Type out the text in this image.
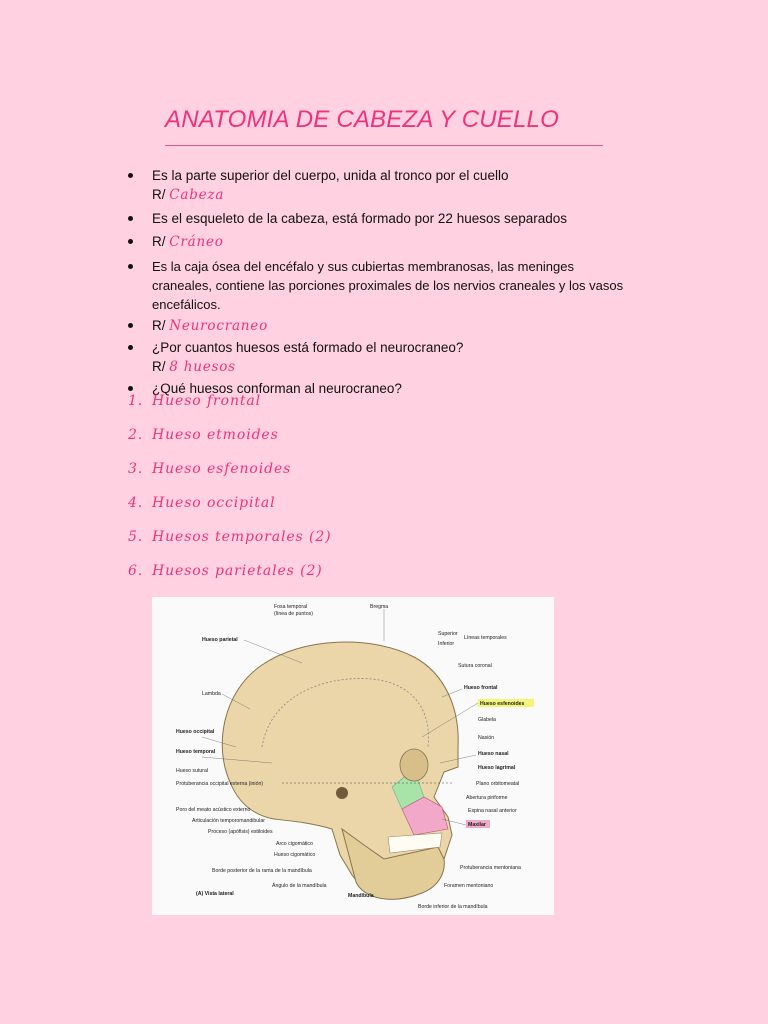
ANATOMIA DE CABEZA Y CUELLO
Es la parte superior del cuerpo, unida al tronco por el cuello
R/ Cabeza
Es el esqueleto de la cabeza, está formado por 22 huesos separados
R/ Cráneo
Es la caja ósea del encéfalo y sus cubiertas membranosas, las meninges craneales, contiene las porciones proximales de los nervios craneales y los vasos encefálicos.
R/ Neurocraneo
¿Por cuantos huesos está formado el neurocraneo?
R/ 8 huesos
¿Qué huesos conforman al neurocraneo?
1. Hueso frontal
2. Hueso etmoides
3. Hueso esfenoides
4. Hueso occipital
5. Huesos temporales (2)
6. Huesos parietales (2)
Fosa temporal
(línea de puntos)
Bregma
Hueso parietal
Lambda
Hueso occipital
Hueso temporal
Hueso sutural
Protuberancia occipital externa (inión)
Poro del meato acústico externo
Articulación temporomandibular
Proceso (apófisis) estiloides
Arco cigomático
Hueso cigomático
Borde posterior de la rama de la mandíbula
Ángulo de la mandíbula
(A) Vista lateral	Mandíbula
Superior
Inferior
Líneas temporales
Sutura coronal
Hueso frontal
Hueso esfenoides
Glabela
Nasión
Hueso nasal
Hueso lagrimal
Plano orbitomeatal
Abertura piriforme
Espina nasal anterior
Maxilar
Protuberancia mentoniana
Foramen mentoniano
Borde inferior de la mandíbula
